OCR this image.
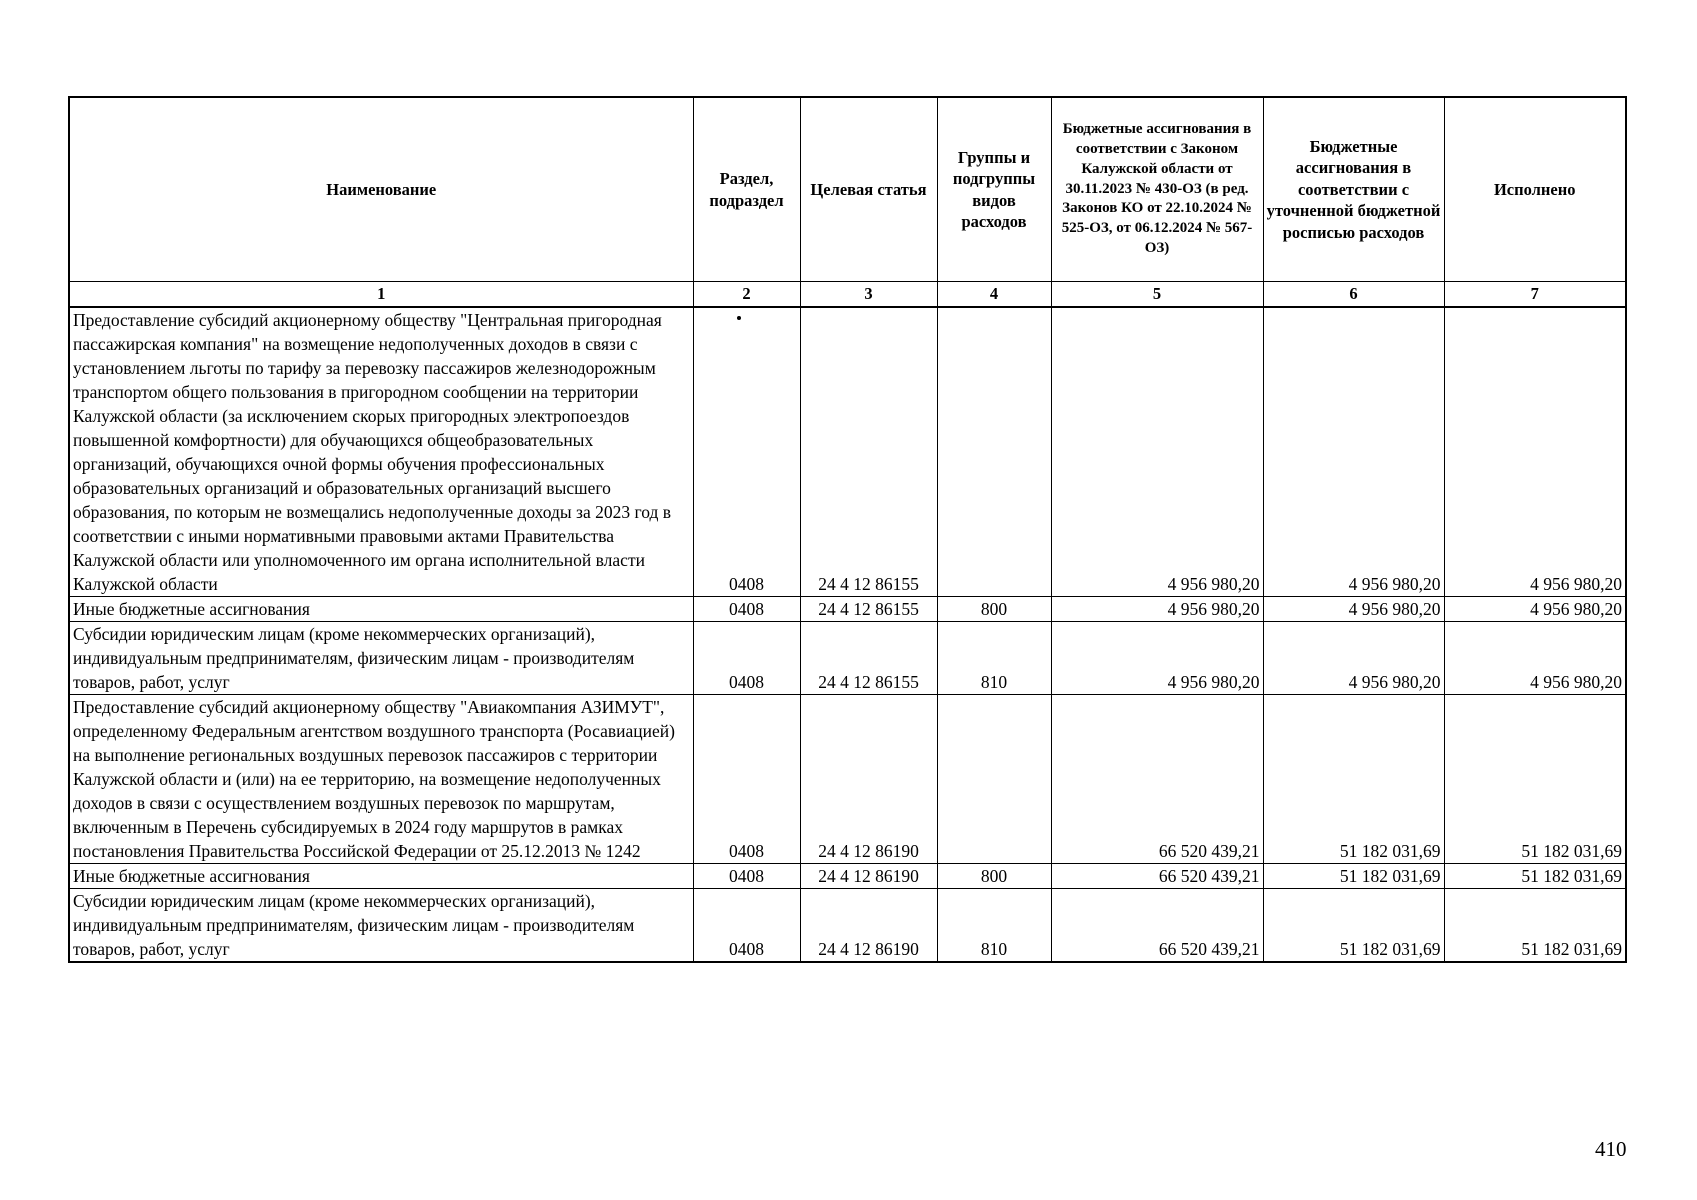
Наименование	Раздел, подраздел	Целевая статья	Группы и подгруппы видов расходов	Бюджетные ассигнования в соответствии с Законом Калужской области от 30.11.2023 № 430-ОЗ (в ред. Законов КО от 22.10.2024 № 525-ОЗ, от 06.12.2024 № 567-ОЗ)	Бюджетные ассигнования в соответствии с уточненной бюджетной росписью расходов	Исполнено
1	2	3	4	5	6	7
Предоставление субсидий акционерному обществу "Центральная пригородная пассажирская компания" на возмещение недополученных доходов в связи с установлением льготы по тарифу за перевозку пассажиров железнодорожным транспортом общего пользования в пригородном сообщении на территории Калужской области (за исключением скорых пригородных электропоездов повышенной комфортности) для обучающихся общеобразовательных организаций, обучающихся очной формы обучения профессиональных образовательных организаций и образовательных организаций высшего образования, по которым не возмещались недополученные доходы за 2023 год в соответствии с иными нормативными правовыми актами Правительства Калужской области или уполномоченного им органа исполнительной власти Калужской области	0408	24 4 12 86155		4 956 980,20	4 956 980,20	4 956 980,20
Иные бюджетные ассигнования	0408	24 4 12 86155	800	4 956 980,20	4 956 980,20	4 956 980,20
Субсидии юридическим лицам (кроме некоммерческих организаций), индивидуальным предпринимателям, физическим лицам - производителям товаров, работ, услуг	0408	24 4 12 86155	810	4 956 980,20	4 956 980,20	4 956 980,20
Предоставление субсидий акционерному обществу "Авиакомпания АЗИМУТ", определенному Федеральным агентством воздушного транспорта (Росавиацией) на выполнение региональных воздушных перевозок пассажиров с территории Калужской области и (или) на ее территорию, на возмещение недополученных доходов в связи с осуществлением воздушных перевозок по маршрутам, включенным в Перечень субсидируемых в 2024 году маршрутов в рамках постановления Правительства Российской Федерации от 25.12.2013 № 1242	0408	24 4 12 86190		66 520 439,21	51 182 031,69	51 182 031,69
Иные бюджетные ассигнования	0408	24 4 12 86190	800	66 520 439,21	51 182 031,69	51 182 031,69
Субсидии юридическим лицам (кроме некоммерческих организаций), индивидуальным предпринимателям, физическим лицам - производителям товаров, работ, услуг	0408	24 4 12 86190	810	66 520 439,21	51 182 031,69	51 182 031,69
410
